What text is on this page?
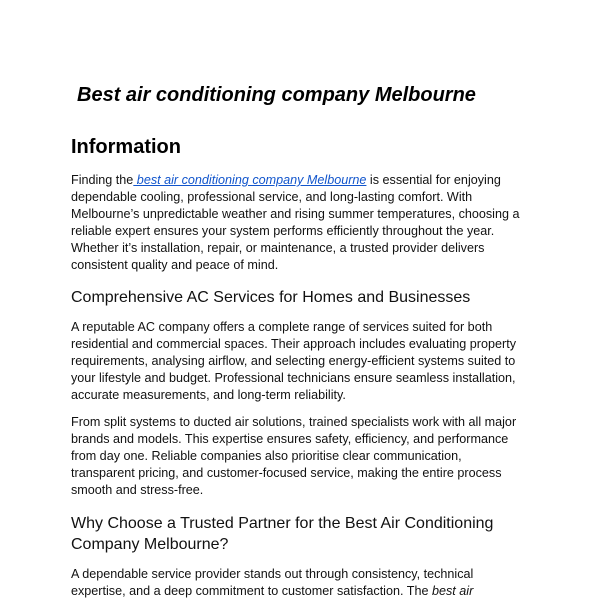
Best air conditioning company Melbourne
Information

Finding the best air conditioning company Melbourne is essential for enjoying
dependable cooling, professional service, and long-lasting comfort. With
Melbourne’s unpredictable weather and rising summer temperatures, choosing a
reliable expert ensures your system performs efficiently throughout the year.
Whether it’s installation, repair, or maintenance, a trusted provider delivers
consistent quality and peace of mind.

Comprehensive AC Services for Homes and Businesses

A reputable AC company offers a complete range of services suited for both
residential and commercial spaces. Their approach includes evaluating property
requirements, analysing airflow, and selecting energy-efficient systems suited to
your lifestyle and budget. Professional technicians ensure seamless installation,
accurate measurements, and long-term reliability.

From split systems to ducted air solutions, trained specialists work with all major
brands and models. This expertise ensures safety, efficiency, and performance
from day one. Reliable companies also prioritise clear communication,
transparent pricing, and customer-focused service, making the entire process
smooth and stress-free.

Why Choose a Trusted Partner for the Best Air Conditioning
Company Melbourne?

A dependable service provider stands out through consistency, technical
expertise, and a deep commitment to customer satisfaction. The best air
